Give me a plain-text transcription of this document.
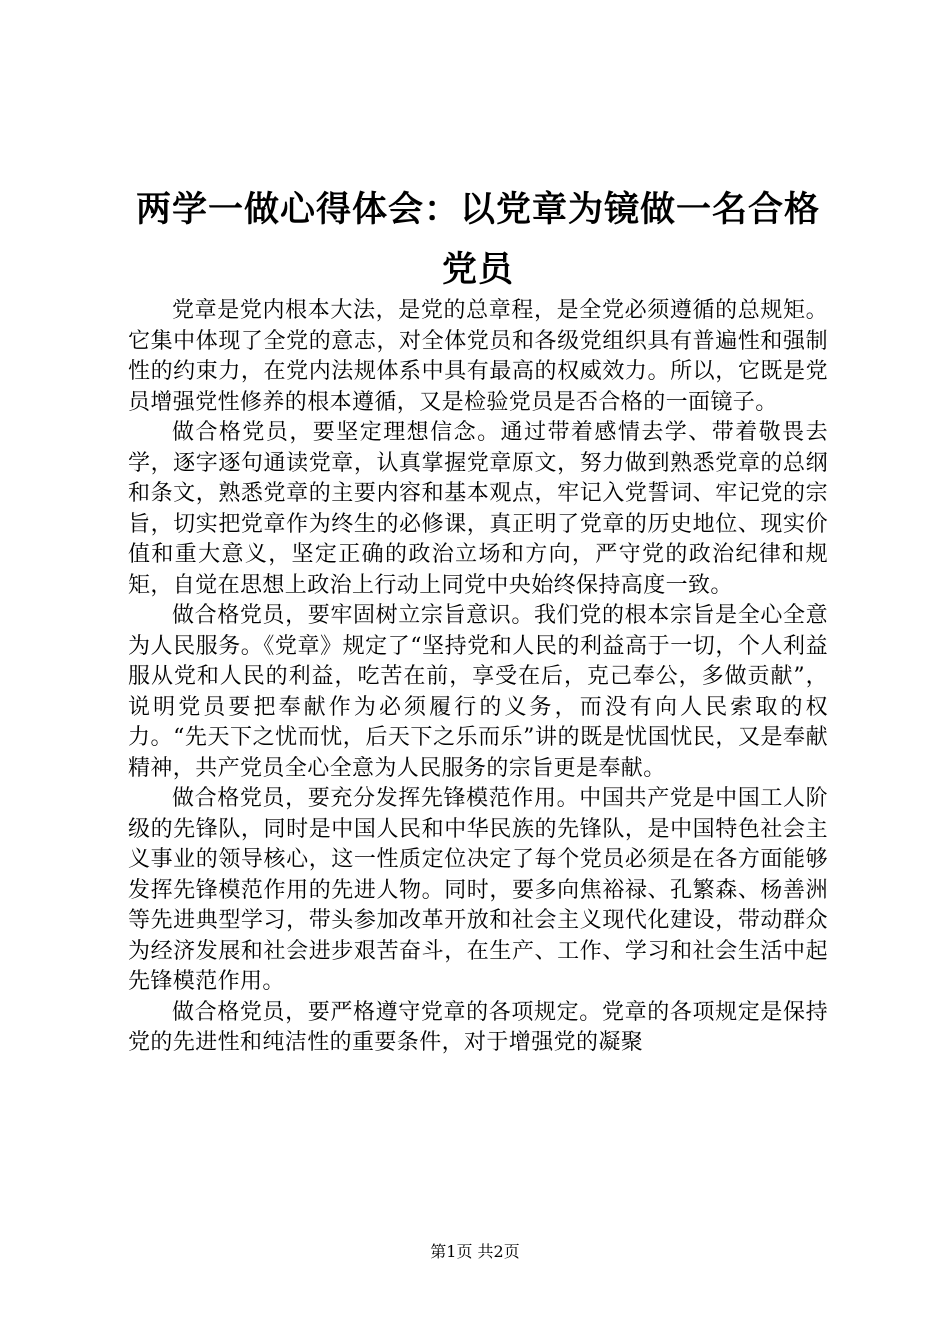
两学一做心得体会：以党章为镜做一名合格党员

党章是党内根本大法，是党的总章程，是全党必须遵循的总规矩。它集中体现了全党的意志，对全体党员和各级党组织具有普遍性和强制性的约束力，在党内法规体系中具有最高的权威效力。所以，它既是党员增强党性修养的根本遵循，又是检验党员是否合格的一面镜子。

做合格党员，要坚定理想信念。通过带着感情去学、带着敬畏去学，逐字逐句通读党章，认真掌握党章原文，努力做到熟悉党章的总纲和条文，熟悉党章的主要内容和基本观点，牢记入党誓词、牢记党的宗旨，切实把党章作为终生的必修课，真正明了党章的历史地位、现实价值和重大意义，坚定正确的政治立场和方向，严守党的政治纪律和规矩，自觉在思想上政治上行动上同党中央始终保持高度一致。

做合格党员，要牢固树立宗旨意识。我们党的根本宗旨是全心全意为人民服务。《党章》规定了“坚持党和人民的利益高于一切，个人利益服从党和人民的利益，吃苦在前，享受在后，克己奉公，多做贡献”，说明党员要把奉献作为必须履行的义务，而没有向人民索取的权力。“先天下之忧而忧，后天下之乐而乐”讲的既是忧国忧民，又是奉献精神，共产党员全心全意为人民服务的宗旨更是奉献。

做合格党员，要充分发挥先锋模范作用。中国共产党是中国工人阶级的先锋队，同时是中国人民和中华民族的先锋队，是中国特色社会主义事业的领导核心，这一性质定位决定了每个党员必须是在各方面能够发挥先锋模范作用的先进人物。同时，要多向焦裕禄、孔繁森、杨善洲等先进典型学习，带头参加改革开放和社会主义现代化建设，带动群众为经济发展和社会进步艰苦奋斗，在生产、工作、学习和社会生活中起先锋模范作用。

做合格党员，要严格遵守党章的各项规定。党章的各项规定是保持党的先进性和纯洁性的重要条件，对于增强党的凝聚

第1页 共2页
